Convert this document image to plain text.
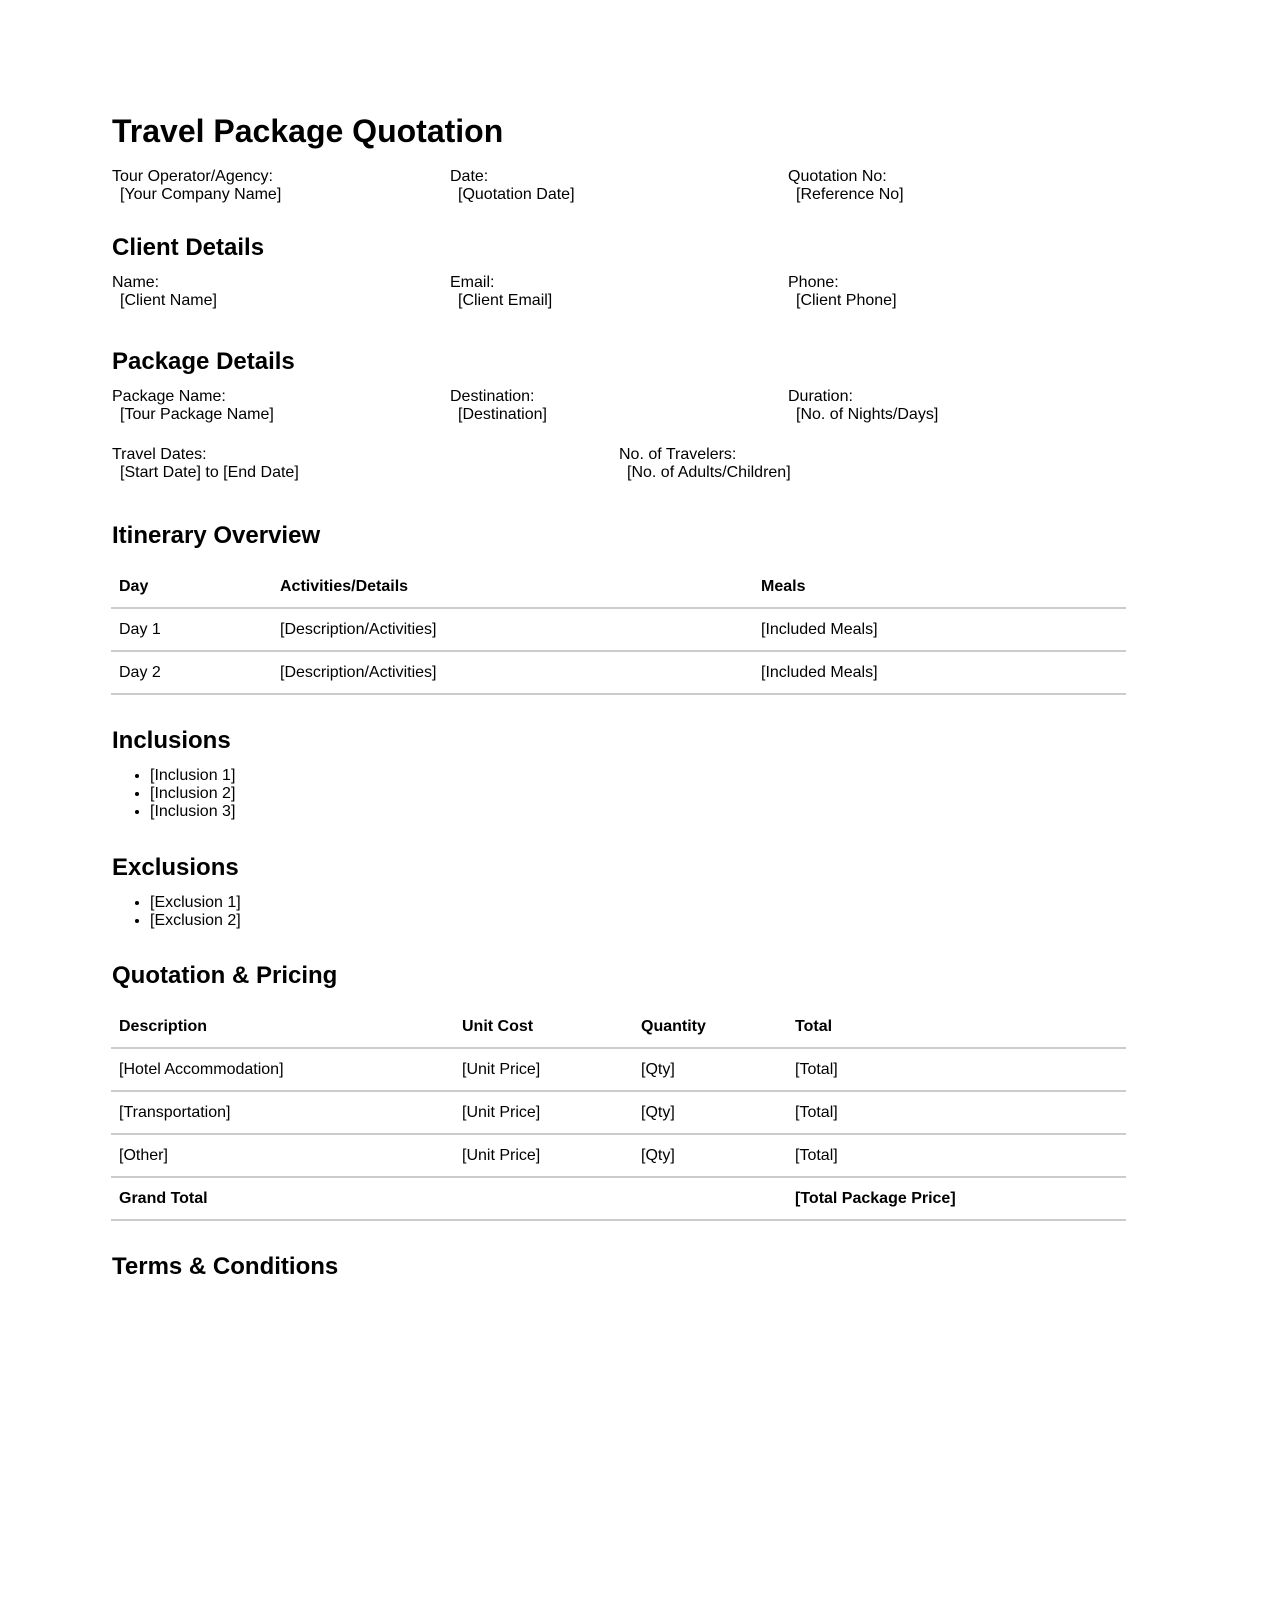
Travel Package Quotation
Tour Operator/Agency:
[Your Company Name]
Date:
[Quotation Date]
Quotation No:
[Reference No]
Client Details
Name:
[Client Name]
Email:
[Client Email]
Phone:
[Client Phone]
Package Details
Package Name:
[Tour Package Name]
Destination:
[Destination]
Duration:
[No. of Nights/Days]
Travel Dates:
[Start Date] to [End Date]
No. of Travelers:
[No. of Adults/Children]
Itinerary Overview
Day	Activities/Details	Meals
Day 1	[Description/Activities]	[Included Meals]
Day 2	[Description/Activities]	[Included Meals]
Inclusions
• [Inclusion 1]
• [Inclusion 2]
• [Inclusion 3]
Exclusions
• [Exclusion 1]
• [Exclusion 2]
Quotation & Pricing
Description	Unit Cost	Quantity	Total
[Hotel Accommodation]	[Unit Price]	[Qty]	[Total]
[Transportation]	[Unit Price]	[Qty]	[Total]
[Other]	[Unit Price]	[Qty]	[Total]
Grand Total			[Total Package Price]
Terms & Conditions
